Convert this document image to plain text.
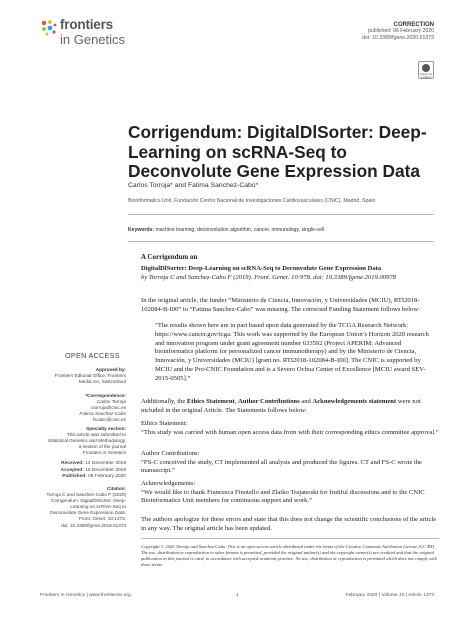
frontiers
in Genetics
CORRECTION
published: 06 February 2020
doi: 10.3389/fgene.2020.01373
Check for updates
Corrigendum: DigitalDlSorter: Deep-Learning on scRNA-Seq to Deconvolute Gene Expression Data
Carlos Torroja* and Fatima Sanchez-Cabo*
Bioinformatics Unit, Fundación Centro Nacional de Investigaciones Cardiovasculares (CNIC), Madrid, Spain
Keywords: machine learning, deconvolution algorithm, cancer, immunology, single-cell
A Corrigendum on
DigitalDlSorter: Deep-Learning on scRNA-Seq to Deconvolute Gene Expression Data
by Torroja C and Sanchez-Cabo F (2019). Front. Genet. 10:978. doi: 10.3389/fgene.2019.00978
In the original article, the funder “Ministerio de Ciencia, Innovación, y Universidades (MCIU), RTI2018-102084-B-I00” to “Fatima Sanchez-Cabo” was missing. The corrected Funding Statement follows below:
“The results shown here are in part based upon data generated by the TCGA Research Network: https://www.cancer.gov/tcga. This work was supported by the European Union’s Horizon 2020 research and innovation program under grant agreement number 633592 (Project APERIM: Advanced bioinformatics platform for personalized cancer immunotherapy) and by the Ministerio de Ciencia, Innovación, y Universidades (MCIU) [grant no. RTI2018-102084-B-I00]. The CNIC is supported by MCIU and the Pro-CNIC Foundation and is a Severo Ochoa Center of Excellence [MCIU award SEV-2015-0505].”
Additionally, the Ethics Statement, Author Contributions and Acknowledgements statement were not included in the original Article. The Statements follows below:
Ethics Statement:
“This study was carried with human open access data from with their corresponding ethics committee approval.”
Author Contributions:
“FS-C conceived the study, CT implemented all analysis and produced the figures. CT and FS-C wrote the manuscript.”
Acknowledgements:
“We would like to thank Francesca Finotello and Zlatko Trajanoski for fruitful discussions and to the CNIC Bioinformatics Unit members for continuous support and work.”
The authors apologize for these errors and state that this does not change the scientific conclusions of the article in any way. The original article has been updated.
Copyright © 2020 Torroja and Sanchez-Cabo. This is an open-access article distributed under the terms of the Creative Commons Attribution License (CC BY). The use, distribution or reproduction in other forums is permitted, provided the original author(s) and the copyright owner(s) are credited and that the original publication in this journal is cited, in accordance with accepted academic practice. No use, distribution or reproduction is permitted which does not comply with these terms.
OPEN ACCESS
Approved by:
Frontiers Editorial Office, Frontiers
Media SA, Switzerland
*Correspondence:
Carlos Torroja
ctorroja@cnic.es
Fatima Sanchez-Cabo
fscabo@cnic.es
Specialty section:
This article was submitted to
Statistical Genetics and Methodology,
a section of the journal
Frontiers in Genetics
Received: 12 December 2019
Accepted: 16 December 2019
Published: 06 February 2020
Citation:
Torroja C and Sanchez-Cabo F (2020)
Corrigendum: DigitalDlSorter: Deep-
Learning on scRNA-Seq to
Deconvolute Gene Expression Data.
Front. Genet. 10:1373.
doi: 10.3389/fgene.2019.01373
Frontiers in Genetics | www.frontiersin.org	1	February 2020 | Volume 10 | Article 1373
